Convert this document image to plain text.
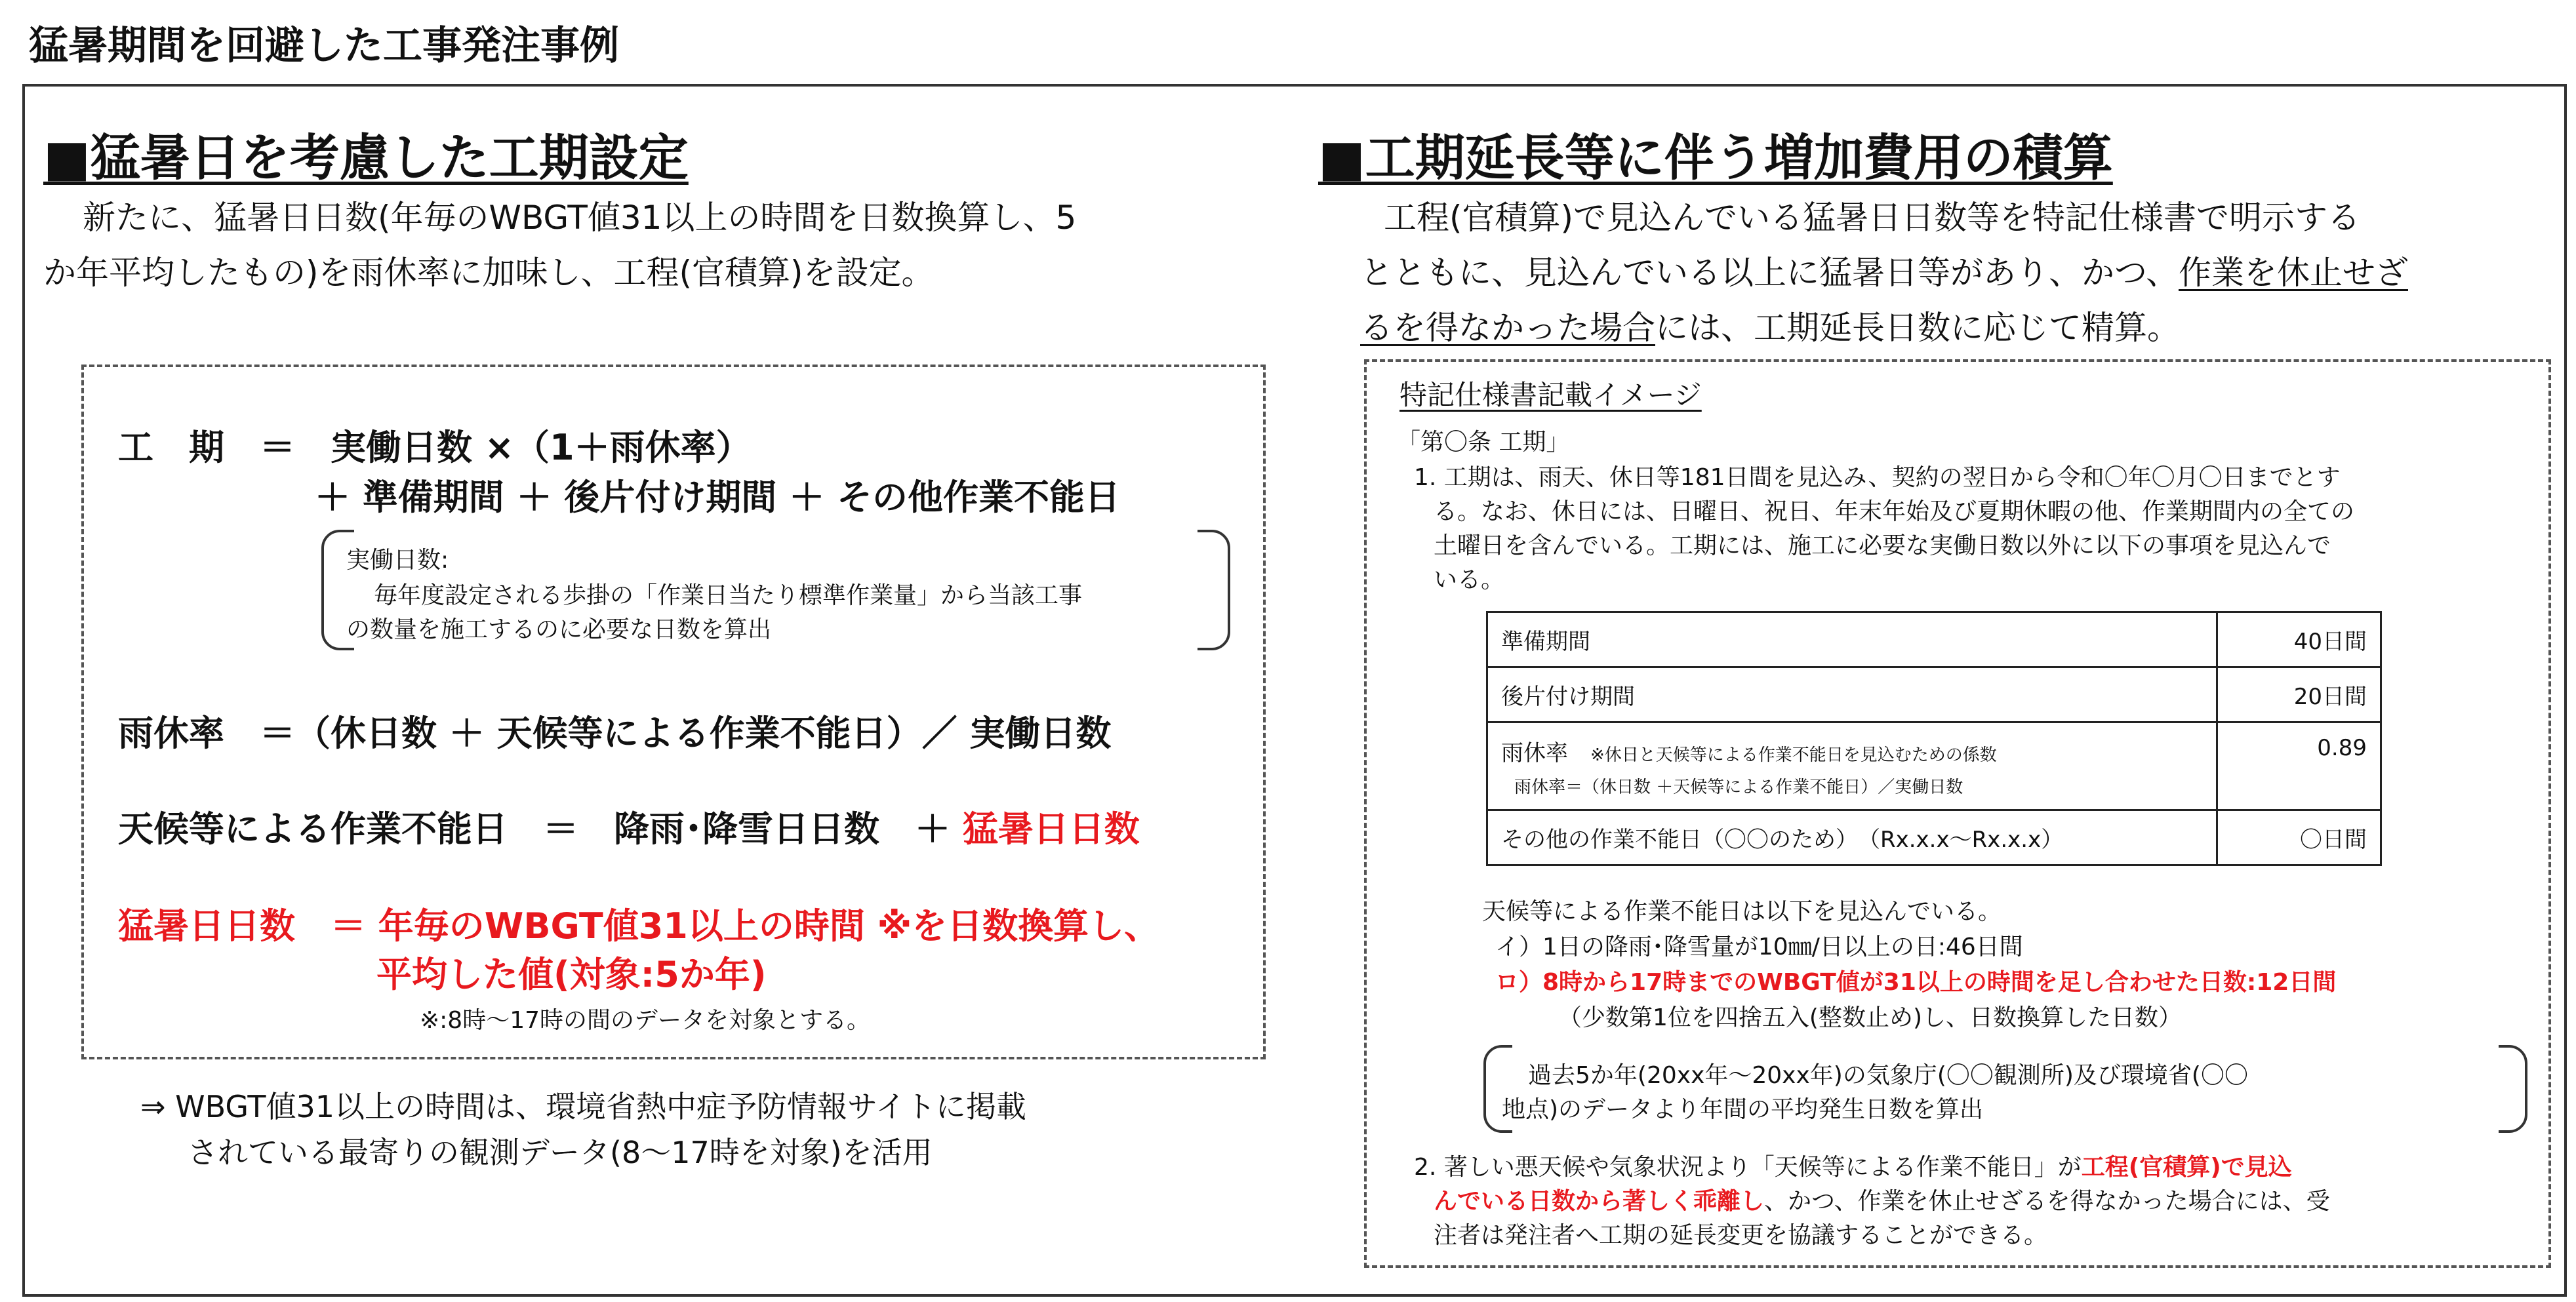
猛暑期間を回避した工事発注事例
■猛暑日を考慮した工期設定
新たに、猛暑日日数(年毎のWBGT値31以上の時間を日数換算し、5
か年平均したもの)を雨休率に加味し、工程(官積算)を設定。
工　期　＝　実働日数 ×（1＋雨休率）
＋ 準備期間 ＋ 後片付け期間 ＋ その他作業不能日
実働日数:
毎年度設定される歩掛の「作業日当たり標準作業量」から当該工事
の数量を施工するのに必要な日数を算出
雨休率　＝（休日数 ＋ 天候等による作業不能日）／ 実働日数
天候等による作業不能日　＝　降雨･降雪日日数　＋ 猛暑日日数
猛暑日日数　＝ 年毎のWBGT値31以上の時間 ※を日数換算し、
平均した値(対象:5か年)
※:8時～17時の間のデータを対象とする。
⇒ WBGT値31以上の時間は、環境省熱中症予防情報サイトに掲載
されている最寄りの観測データ(8～17時を対象)を活用
■工期延長等に伴う増加費用の積算
工程(官積算)で見込んでいる猛暑日日数等を特記仕様書で明示する
とともに、見込んでいる以上に猛暑日等があり、かつ、作業を休止せざ
るを得なかった場合には、工期延長日数に応じて精算。
特記仕様書記載イメージ
「第〇条 工期」
1. 工期は、雨天、休日等181日間を見込み、契約の翌日から令和〇年〇月〇日までとす
る。なお、休日には、日曜日、祝日、年末年始及び夏期休暇の他、作業期間内の全ての
土曜日を含んでいる。工期には、施工に必要な実働日数以外に以下の事項を見込んで
いる。
準備期間	40日間
後片付け期間	20日間

雨休率　 ※休日と天候等による作業不能日を見込むための係数
雨休率＝（休日数 ＋天候等による作業不能日）／実働日数	0.89
その他の作業不能日（〇〇のため）　（Rx.x.x～Rx.x.x）	〇日間
天候等による作業不能日は以下を見込んでいる。
イ）1日の降雨･降雪量が10㎜/日以上の日:46日間
ロ）8時から17時までのWBGT値が31以上の時間を足し合わせた日数:12日間
（少数第1位を四捨五入(整数止め)し、日数換算した日数）
過去5か年(20xx年～20xx年)の気象庁(〇〇観測所)及び環境省(〇〇
地点)のデータより年間の平均発生日数を算出
2. 著しい悪天候や気象状況より「天候等による作業不能日」が工程(官積算)で見込
んでいる日数から著しく乖離し、かつ、作業を休止せざるを得なかった場合には、受
注者は発注者へ工期の延長変更を協議することができる。
